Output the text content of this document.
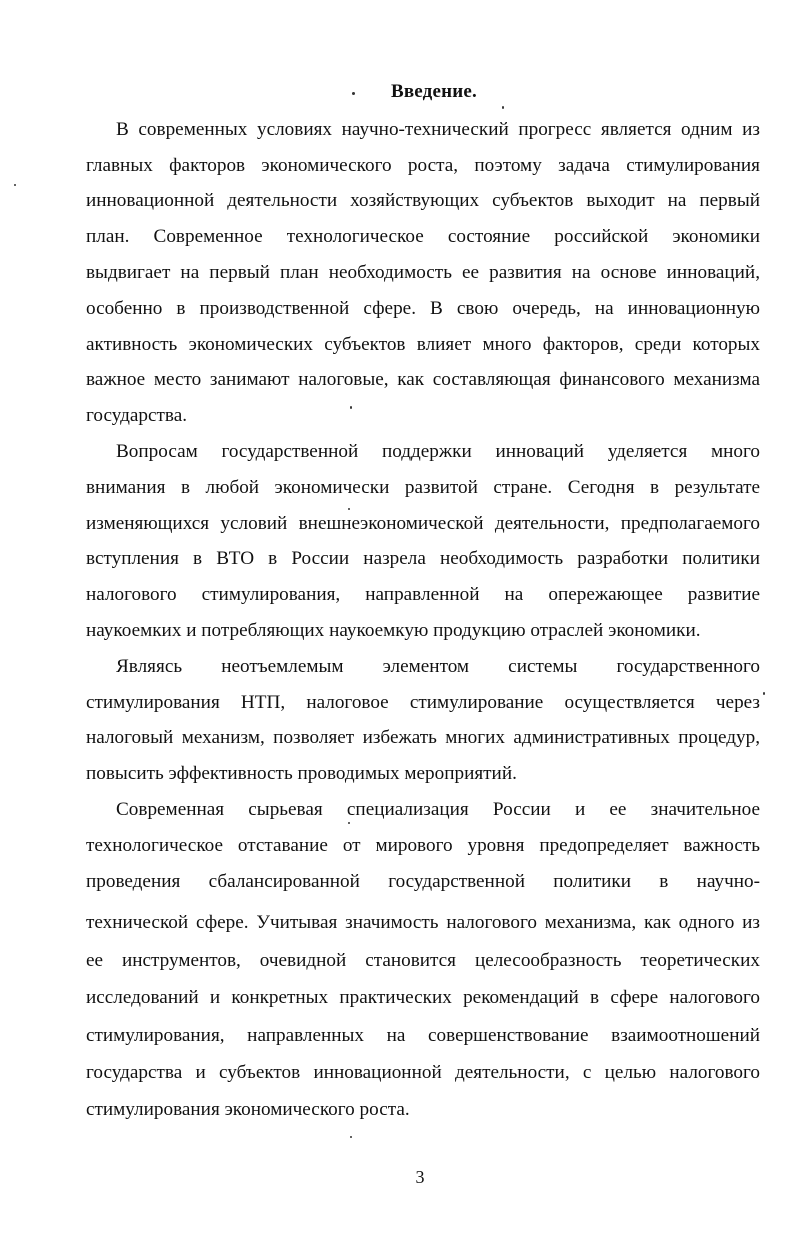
Введение.
В современных условиях научно-технический прогресс является одним из
главных факторов экономического роста, поэтому задача стимулирования
инновационной деятельности хозяйствующих субъектов выходит на первый
план. Современное технологическое состояние российской экономики
выдвигает на первый план необходимость ее развития на основе инноваций,
особенно в производственной сфере. В свою очередь, на инновационную
активность экономических субъектов влияет много факторов, среди которых
важное место занимают налоговые, как составляющая финансового механизма
государства.
Вопросам государственной поддержки инноваций уделяется много
внимания в любой экономически развитой стране. Сегодня в результате
изменяющихся условий внешнеэкономической деятельности, предполагаемого
вступления в ВТО в России назрела необходимость разработки политики
налогового стимулирования, направленной на опережающее развитие
наукоемких и потребляющих наукоемкую продукцию отраслей экономики.
Являясь неотъемлемым элементом системы государственного
стимулирования НТП, налоговое стимулирование осуществляется через
налоговый механизм, позволяет избежать многих административных процедур,
повысить эффективность проводимых мероприятий.
Современная сырьевая специализация России и ее значительное
технологическое отставание от мирового уровня предопределяет важность
проведения сбалансированной государственной политики в научно-
технической сфере. Учитывая значимость налогового механизма, как одного из
ее инструментов, очевидной становится целесообразность теоретических
исследований и конкретных практических рекомендаций в сфере налогового
стимулирования, направленных на совершенствование взаимоотношений
государства и субъектов инновационной деятельности, с целью налогового
стимулирования экономического роста.
3
